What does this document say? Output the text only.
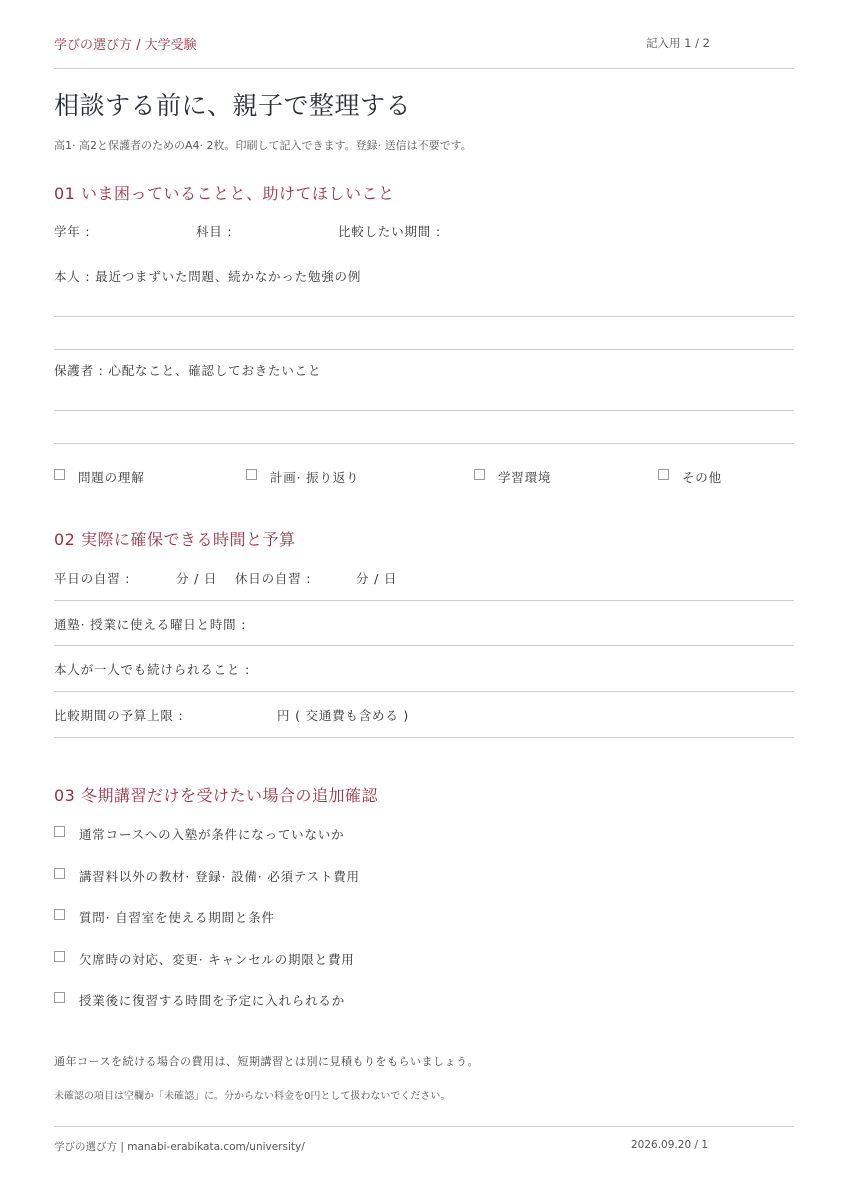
学びの選び方 / 大学受験	記入用 1 / 2
相談する前に、親子で整理する
高1· 高2と保護者のためのA4· 2枚。印刷して記入できます。登録· 送信は不要です。
01 いま困っていることと、助けてほしいこと
学年 :	科目 :	比較したい期間 :
本人 : 最近つまずいた問題、続かなかった勉強の例
保護者 : 心配なこと、確認しておきたいこと
問題の理解	計画· 振り返り	学習環境	その他
02 実際に確保できる時間と予算
平日の自習 :	分 / 日 休日の自習 :	分 / 日
通塾· 授業に使える曜日と時間 :
本人が一人でも続けられること :
比較期間の予算上限 :	円 ( 交通費も含める )
03 冬期講習だけを受けたい場合の追加確認
通常コースへの入塾が条件になっていないか
講習料以外の教材· 登録· 設備· 必須テスト費用
質問· 自習室を使える期間と条件
欠席時の対応、変更· キャンセルの期限と費用
授業後に復習する時間を予定に入れられるか
通年コースを続ける場合の費用は、短期講習とは別に見積もりをもらいましょう。
未確認の項目は空欄か「未確認」に。分からない料金を0円として扱わないでください。
学びの選び方 | manabi-erabikata.com/university/	2026.09.20 / 1
